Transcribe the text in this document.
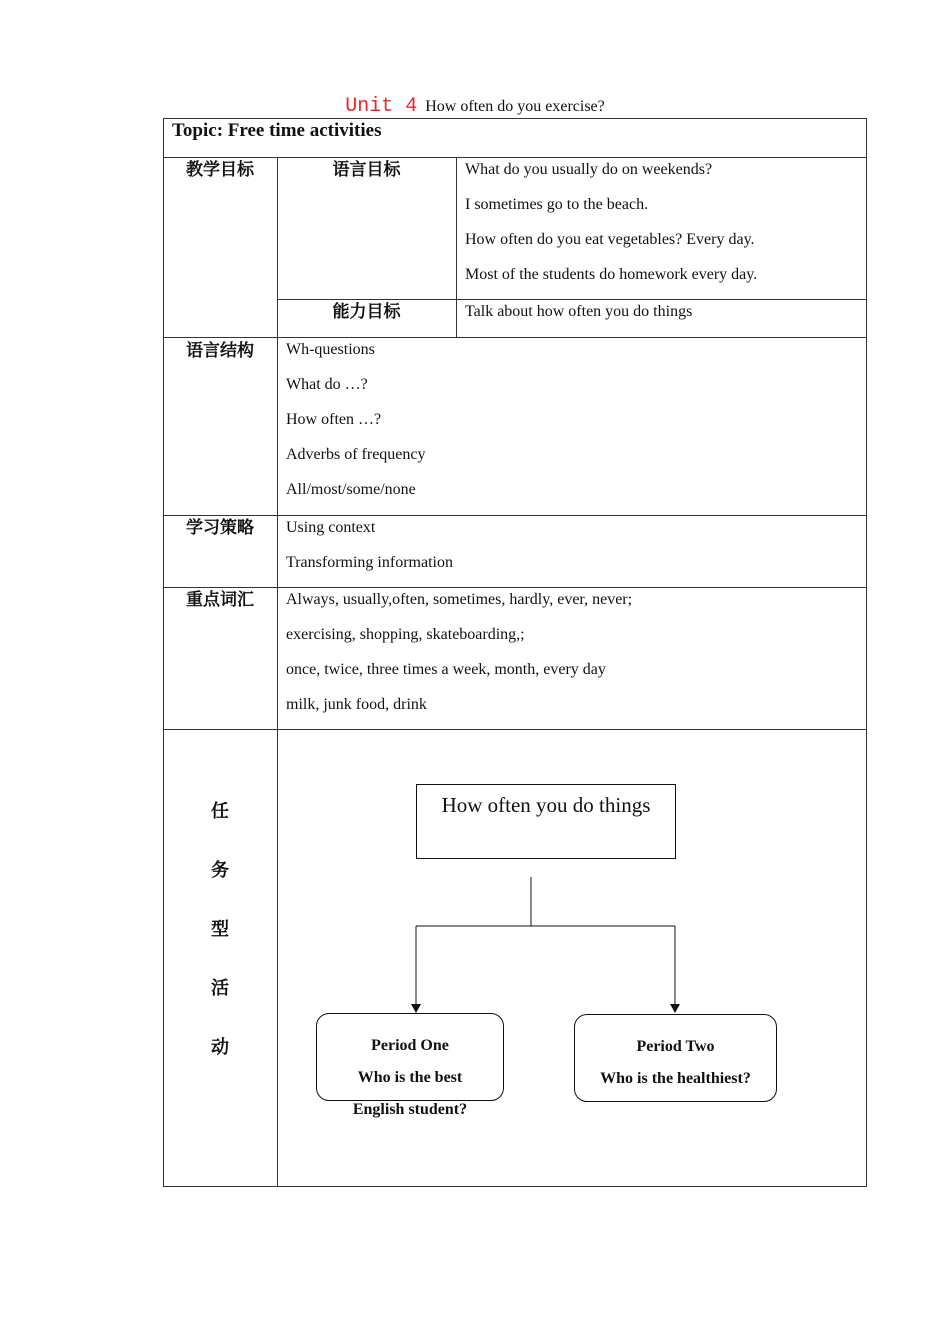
Unit 4 How often do you exercise?
Topic: Free time activities
教学目标	语言目标	What do you usually do on weekends?
I sometimes go to the beach.
How often do you eat vegetables? Every day.
Most of the students do homework every day.
能力目标	Talk about how often you do things
语言结构	Wh-questions
What do …?
How often …?
Adverbs of frequency
All/most/some/none
学习策略	Using context
Transforming information
重点词汇	Always, usually,often, sometimes, hardly, ever, never;
exercising, shopping, skateboarding,;
once, twice, three times a week, month, every day
milk, junk food, drink
任
务
型
活
动
How often you do things
Period One
Who is the best
English student?
Period Two
Who is the healthiest?
